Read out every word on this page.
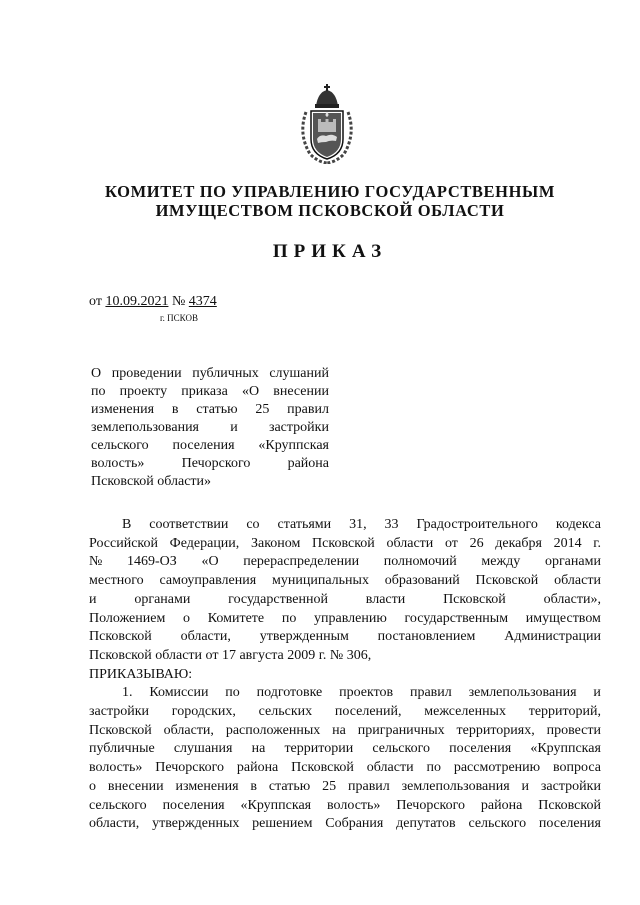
КОМИТЕТ ПО УПРАВЛЕНИЮ ГОСУДАРСТВЕННЫМ
ИМУЩЕСТВОМ ПСКОВСКОЙ ОБЛАСТИ
ПРИКАЗ
от 10.09.2021 № 4374
г. ПСКОВ
О проведении публичных слушаний
по проекту приказа «О внесении
изменения в статью 25 правил
землепользования и застройки
сельского поселения «Круппская
волость»	Печорского	района
Псковской области»
В соответствии со статьями 31, 33 Градостроительного кодекса
Российской Федерации, Законом Псковской области от 26 декабря 2014 г.
№ 1469-ОЗ «О перераспределении полномочий между органами
местного самоуправления муниципальных образований Псковской области
и	органами	государственной	власти	Псковской	области»,
Положением о Комитете по управлению государственным имуществом
Псковской области, утвержденным постановлением Администрации
Псковской области от 17 августа 2009 г. № 306,
ПРИКАЗЫВАЮ:
1. Комиссии по подготовке проектов правил землепользования и
застройки городских, сельских поселений, межселенных территорий,
Псковской области, расположенных на приграничных территориях, провести
публичные слушания на территории сельского поселения «Круппская
волость» Печорского района Псковской области по рассмотрению вопроса
о внесении изменения в статью 25 правил землепользования и застройки
сельского поселения «Круппская волость» Печорского района Псковской
области, утвержденных решением Собрания депутатов сельского поселения
